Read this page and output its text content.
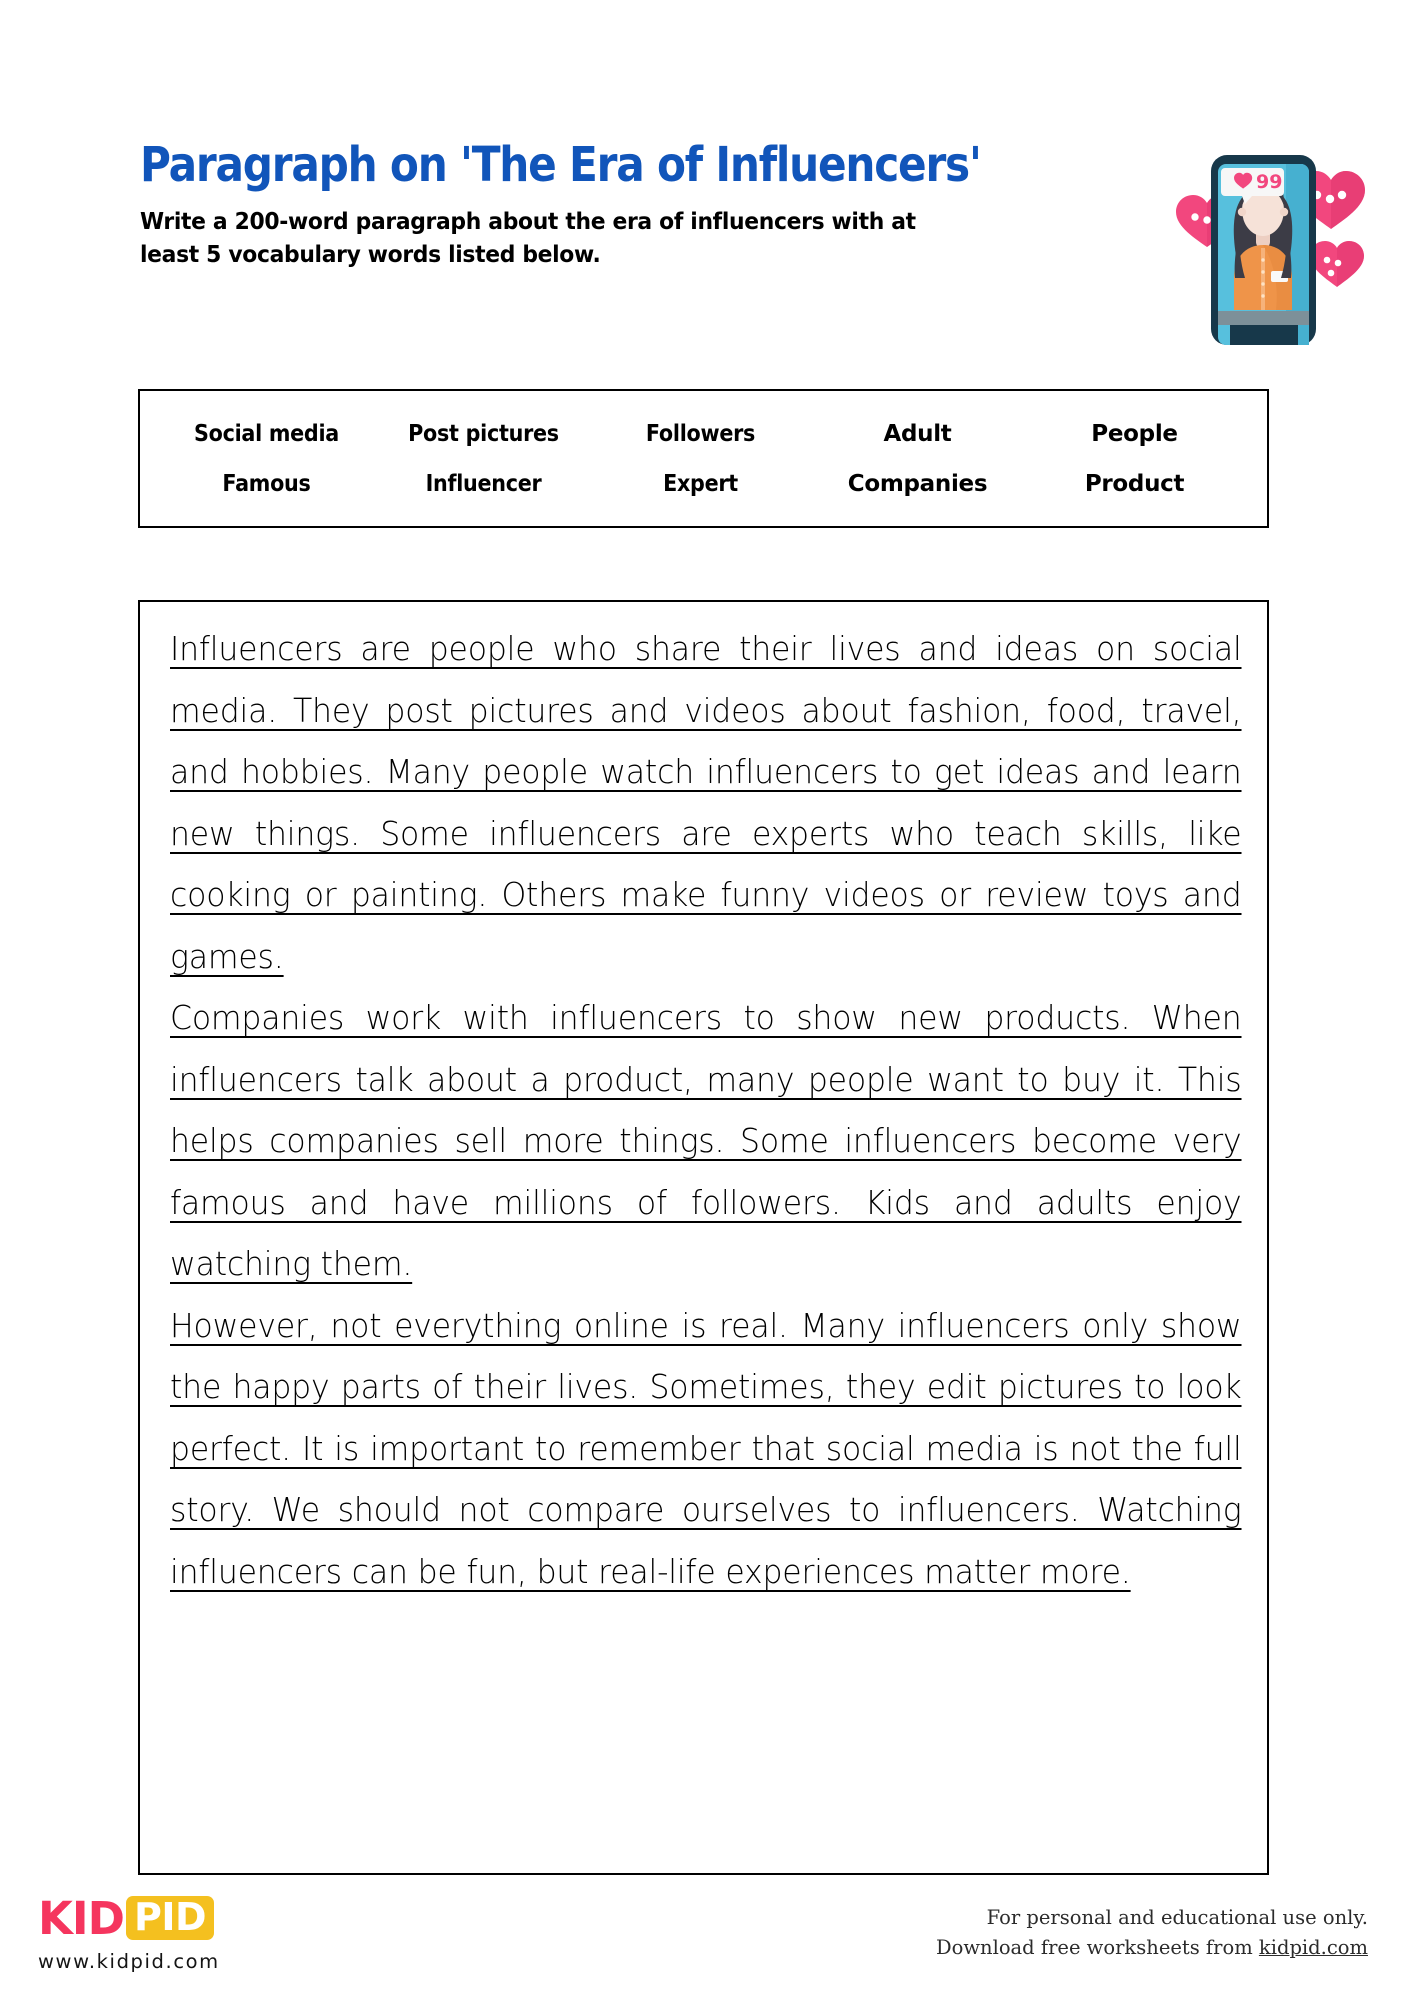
Paragraph on 'The Era of Influencers'

Write a 200-word paragraph about the era of influencers with at least 5 vocabulary words listed below.

99
Social media	Post pictures	Followers	Adult	People
Famous	Influencer	Expert	Companies	Product

Influencers are people who share their lives and ideas on social media. They post pictures and videos about fashion, food, travel, and hobbies. Many people watch influencers to get ideas and learn new things. Some influencers are experts who teach skills, like cooking or painting. Others make funny videos or review toys and games.

Companies work with influencers to show new products. When influencers talk about a product, many people want to buy it. This helps companies sell more things. Some influencers become very famous and have millions of followers. Kids and adults enjoy watching them.

However, not everything online is real. Many influencers only show the happy parts of their lives. Sometimes, they edit pictures to look perfect. It is important to remember that social media is not the full story. We should not compare ourselves to influencers. Watching influencers can be fun, but real-life experiences matter more.

KID PID
www.kidpid.com
For personal and educational use only.
Download free worksheets from kidpid.com
